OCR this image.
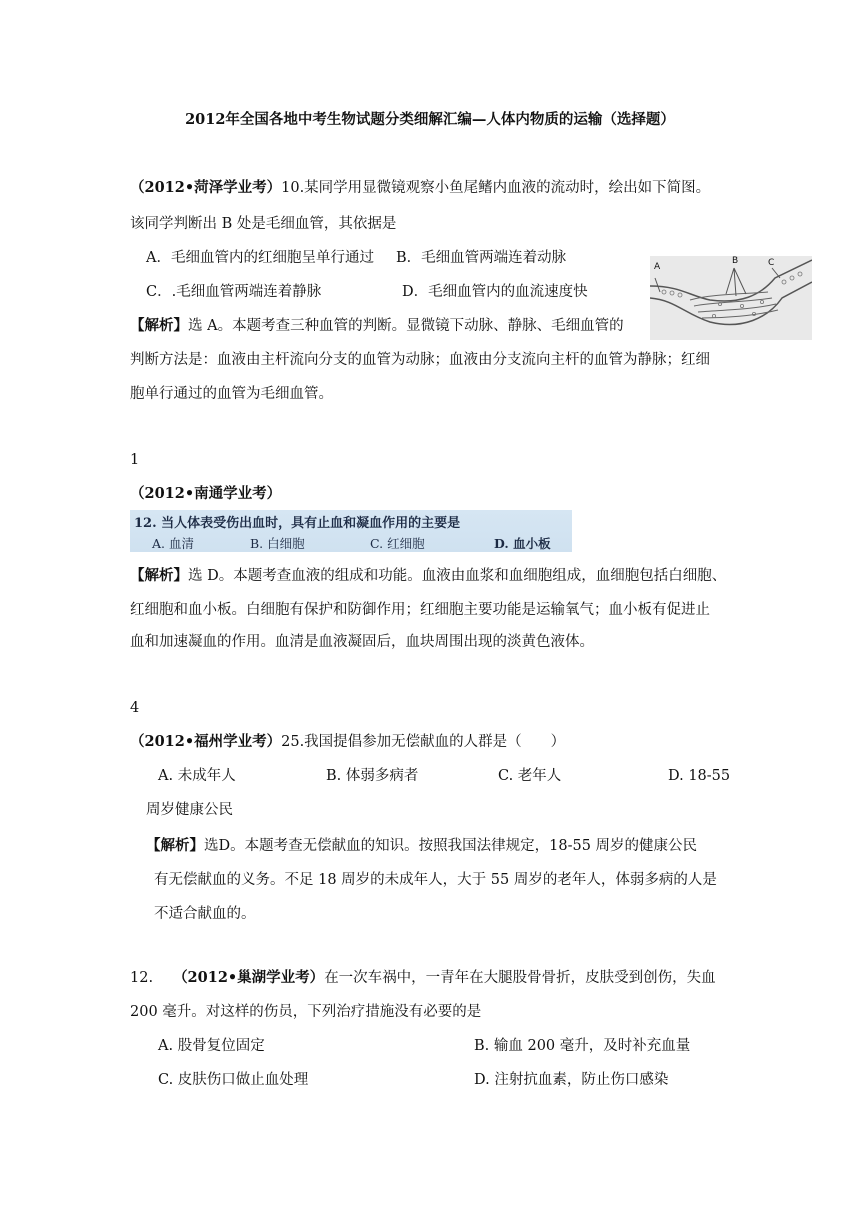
2012年全国各地中考生物试题分类细解汇编—人体内物质的运输（选择题）
（2012•菏泽学业考）10.某同学用显微镜观察小鱼尾鳍内血液的流动时，绘出如下简图。
该同学判断出 B 处是毛细血管，其依据是
A．毛细血管内的红细胞呈单行通过 B．毛细血管两端连着动脉
C．.毛细血管两端连着静脉	D．毛细血管内的血流速度快
A
B	C
【解析】选 A。本题考查三种血管的判断。显微镜下动脉、静脉、毛细血管的
判断方法是：血液由主杆流向分支的血管为动脉；血液由分支流向主杆的血管为静脉；红细
胞单行通过的血管为毛细血管。
1
（2012•南通学业考）
12. 当人体表受伤出血时，具有止血和凝血作用的主要是
A. 血清	B. 白细胞	C. 红细胞	D. 血小板
【解析】选 D。本题考查血液的组成和功能。血液由血浆和血细胞组成，血细胞包括白细胞、
红细胞和血小板。白细胞有保护和防御作用；红细胞主要功能是运输氧气；血小板有促进止
血和加速凝血的作用。血清是血液凝固后，血块周围出现的淡黄色液体。
4
（2012•福州学业考）25.我国提倡参加无偿献血的人群是（　　）
A. 未成年人	B. 体弱多病者	C. 老年人	D. 18-55
周岁健康公民
【解析】选D。本题考查无偿献血的知识。按照我国法律规定，18-55 周岁的健康公民
有无偿献血的义务。不足 18 周岁的未成年人，大于 55 周岁的老年人，体弱多病的人是
不适合献血的。
12. （2012•巢湖学业考）在一次车祸中，一青年在大腿股骨骨折，皮肤受到创伤，失血
200 毫升。对这样的伤员，下列治疗措施没有必要的是
A. 股骨复位固定	B. 输血 200 毫升，及时补充血量
C. 皮肤伤口做止血处理	D. 注射抗血素，防止伤口感染
